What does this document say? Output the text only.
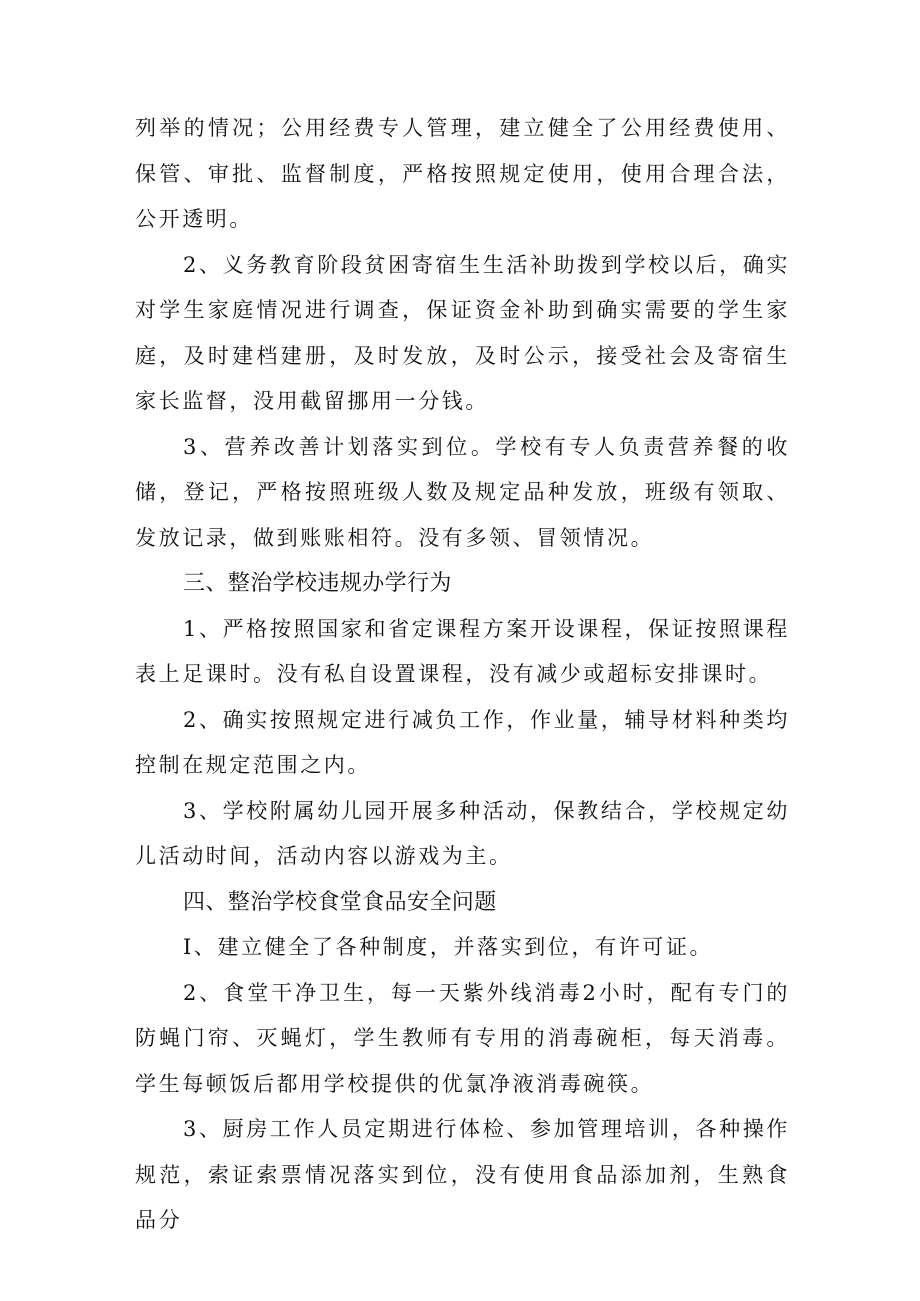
列举的情况；公用经费专人管理，建立健全了公用经费使用、保管、审批、监督制度，严格按照规定使用，使用合理合法，公开透明。

2、义务教育阶段贫困寄宿生生活补助拨到学校以后，确实对学生家庭情况进行调查，保证资金补助到确实需要的学生家庭，及时建档建册，及时发放，及时公示，接受社会及寄宿生家长监督，没用截留挪用一分钱。

3、营养改善计划落实到位。学校有专人负责营养餐的收储，登记，严格按照班级人数及规定品种发放，班级有领取、发放记录，做到账账相符。没有多领、冒领情况。

三、整治学校违规办学行为

1、严格按照国家和省定课程方案开设课程，保证按照课程表上足课时。没有私自设置课程，没有减少或超标安排课时。

2、确实按照规定进行减负工作，作业量，辅导材料种类均控制在规定范围之内。

3、学校附属幼儿园开展多种活动，保教结合，学校规定幼儿活动时间，活动内容以游戏为主。

四、整治学校食堂食品安全问题

I、建立健全了各种制度，并落实到位，有许可证。

2、食堂干净卫生，每一天紫外线消毒2小时，配有专门的防蝇门帘、灭蝇灯，学生教师有专用的消毒碗柜，每天消毒。学生每顿饭后都用学校提供的优氯净液消毒碗筷。

3、厨房工作人员定期进行体检、参加管理培训，各种操作规范，索证索票情况落实到位，没有使用食品添加剂，生熟食品分
